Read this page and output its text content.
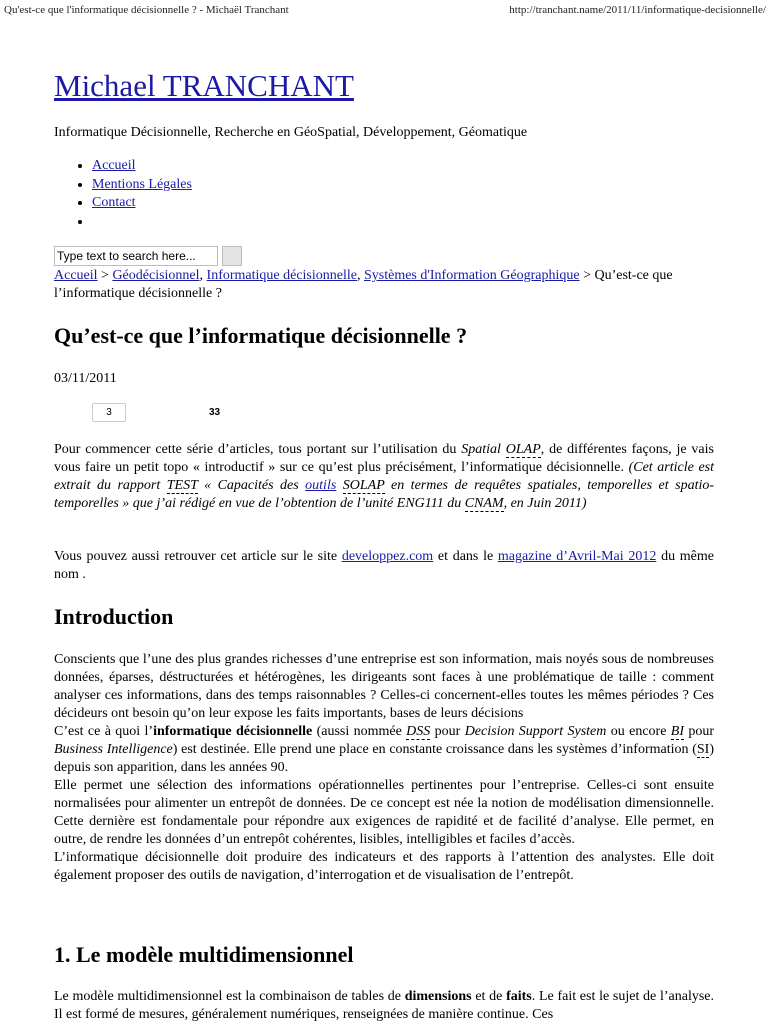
Qu'est-ce que l'informatique décisionnelle ? - Michaël Tranchant	http://tranchant.name/2011/11/informatique-decisionnelle/
Michael TRANCHANT
Informatique Décisionnelle, Recherche en GéoSpatial, Développement, Géomatique
• Accueil
• Mentions Légales
• Contact
•
Type text to search here...
Accueil > Géodécisionnel, Informatique décisionnelle, Systèmes d'Information Géographique > Qu’est-ce que l’informatique décisionnelle ?
Qu’est-ce que l’informatique décisionnelle ?
03/11/2011
3	33

Pour commencer cette série d’articles, tous portant sur l’utilisation du Spatial OLAP, de différentes façons, je vais vous faire un petit topo « introductif » sur ce qu’est plus précisément, l’informatique décisionnelle. (Cet article est extrait du rapport TEST « Capacités des outils SOLAP en termes de requêtes spatiales, temporelles et spatio-temporelles » que j’ai rédigé en vue de l’obtention de l’unité ENG111 du CNAM, en Juin 2011)

Vous pouvez aussi retrouver cet article sur le site developpez.com et dans le magazine d’Avril-Mai 2012 du même nom .

Introduction

Conscients que l’une des plus grandes richesses d’une entreprise est son information, mais noyés sous de nombreuses données, éparses, déstructurées et hétérogènes, les dirigeants sont faces à une problématique de taille : comment analyser ces informations, dans des temps raisonnables ? Celles-ci concernent-elles toutes les mêmes périodes ? Ces décideurs ont besoin qu’on leur expose les faits importants, bases de leurs décisions
C’est ce à quoi l’informatique décisionnelle (aussi nommée DSS pour Decision Support System ou encore BI pour Business Intelligence) est destinée. Elle prend une place en constante croissance dans les systèmes d’information (SI) depuis son apparition, dans les années 90.
Elle permet une sélection des informations opérationnelles pertinentes pour l’entreprise. Celles-ci sont ensuite normalisées pour alimenter un entrepôt de données. De ce concept est née la notion de modélisation dimensionnelle. Cette dernière est fondamentale pour répondre aux exigences de rapidité et de facilité d’analyse. Elle permet, en outre, de rendre les données d’un entrepôt cohérentes, lisibles, intelligibles et faciles d’accès.
L’informatique décisionnelle doit produire des indicateurs et des rapports à l’attention des analystes. Elle doit également proposer des outils de navigation, d’interrogation et de visualisation de l’entrepôt.

1. Le modèle multidimensionnel

Le modèle multidimensionnel est la combinaison de tables de dimensions et de faits. Le fait est le sujet de l’analyse. Il est formé de mesures, généralement numériques, renseignées de manière continue. Ces
